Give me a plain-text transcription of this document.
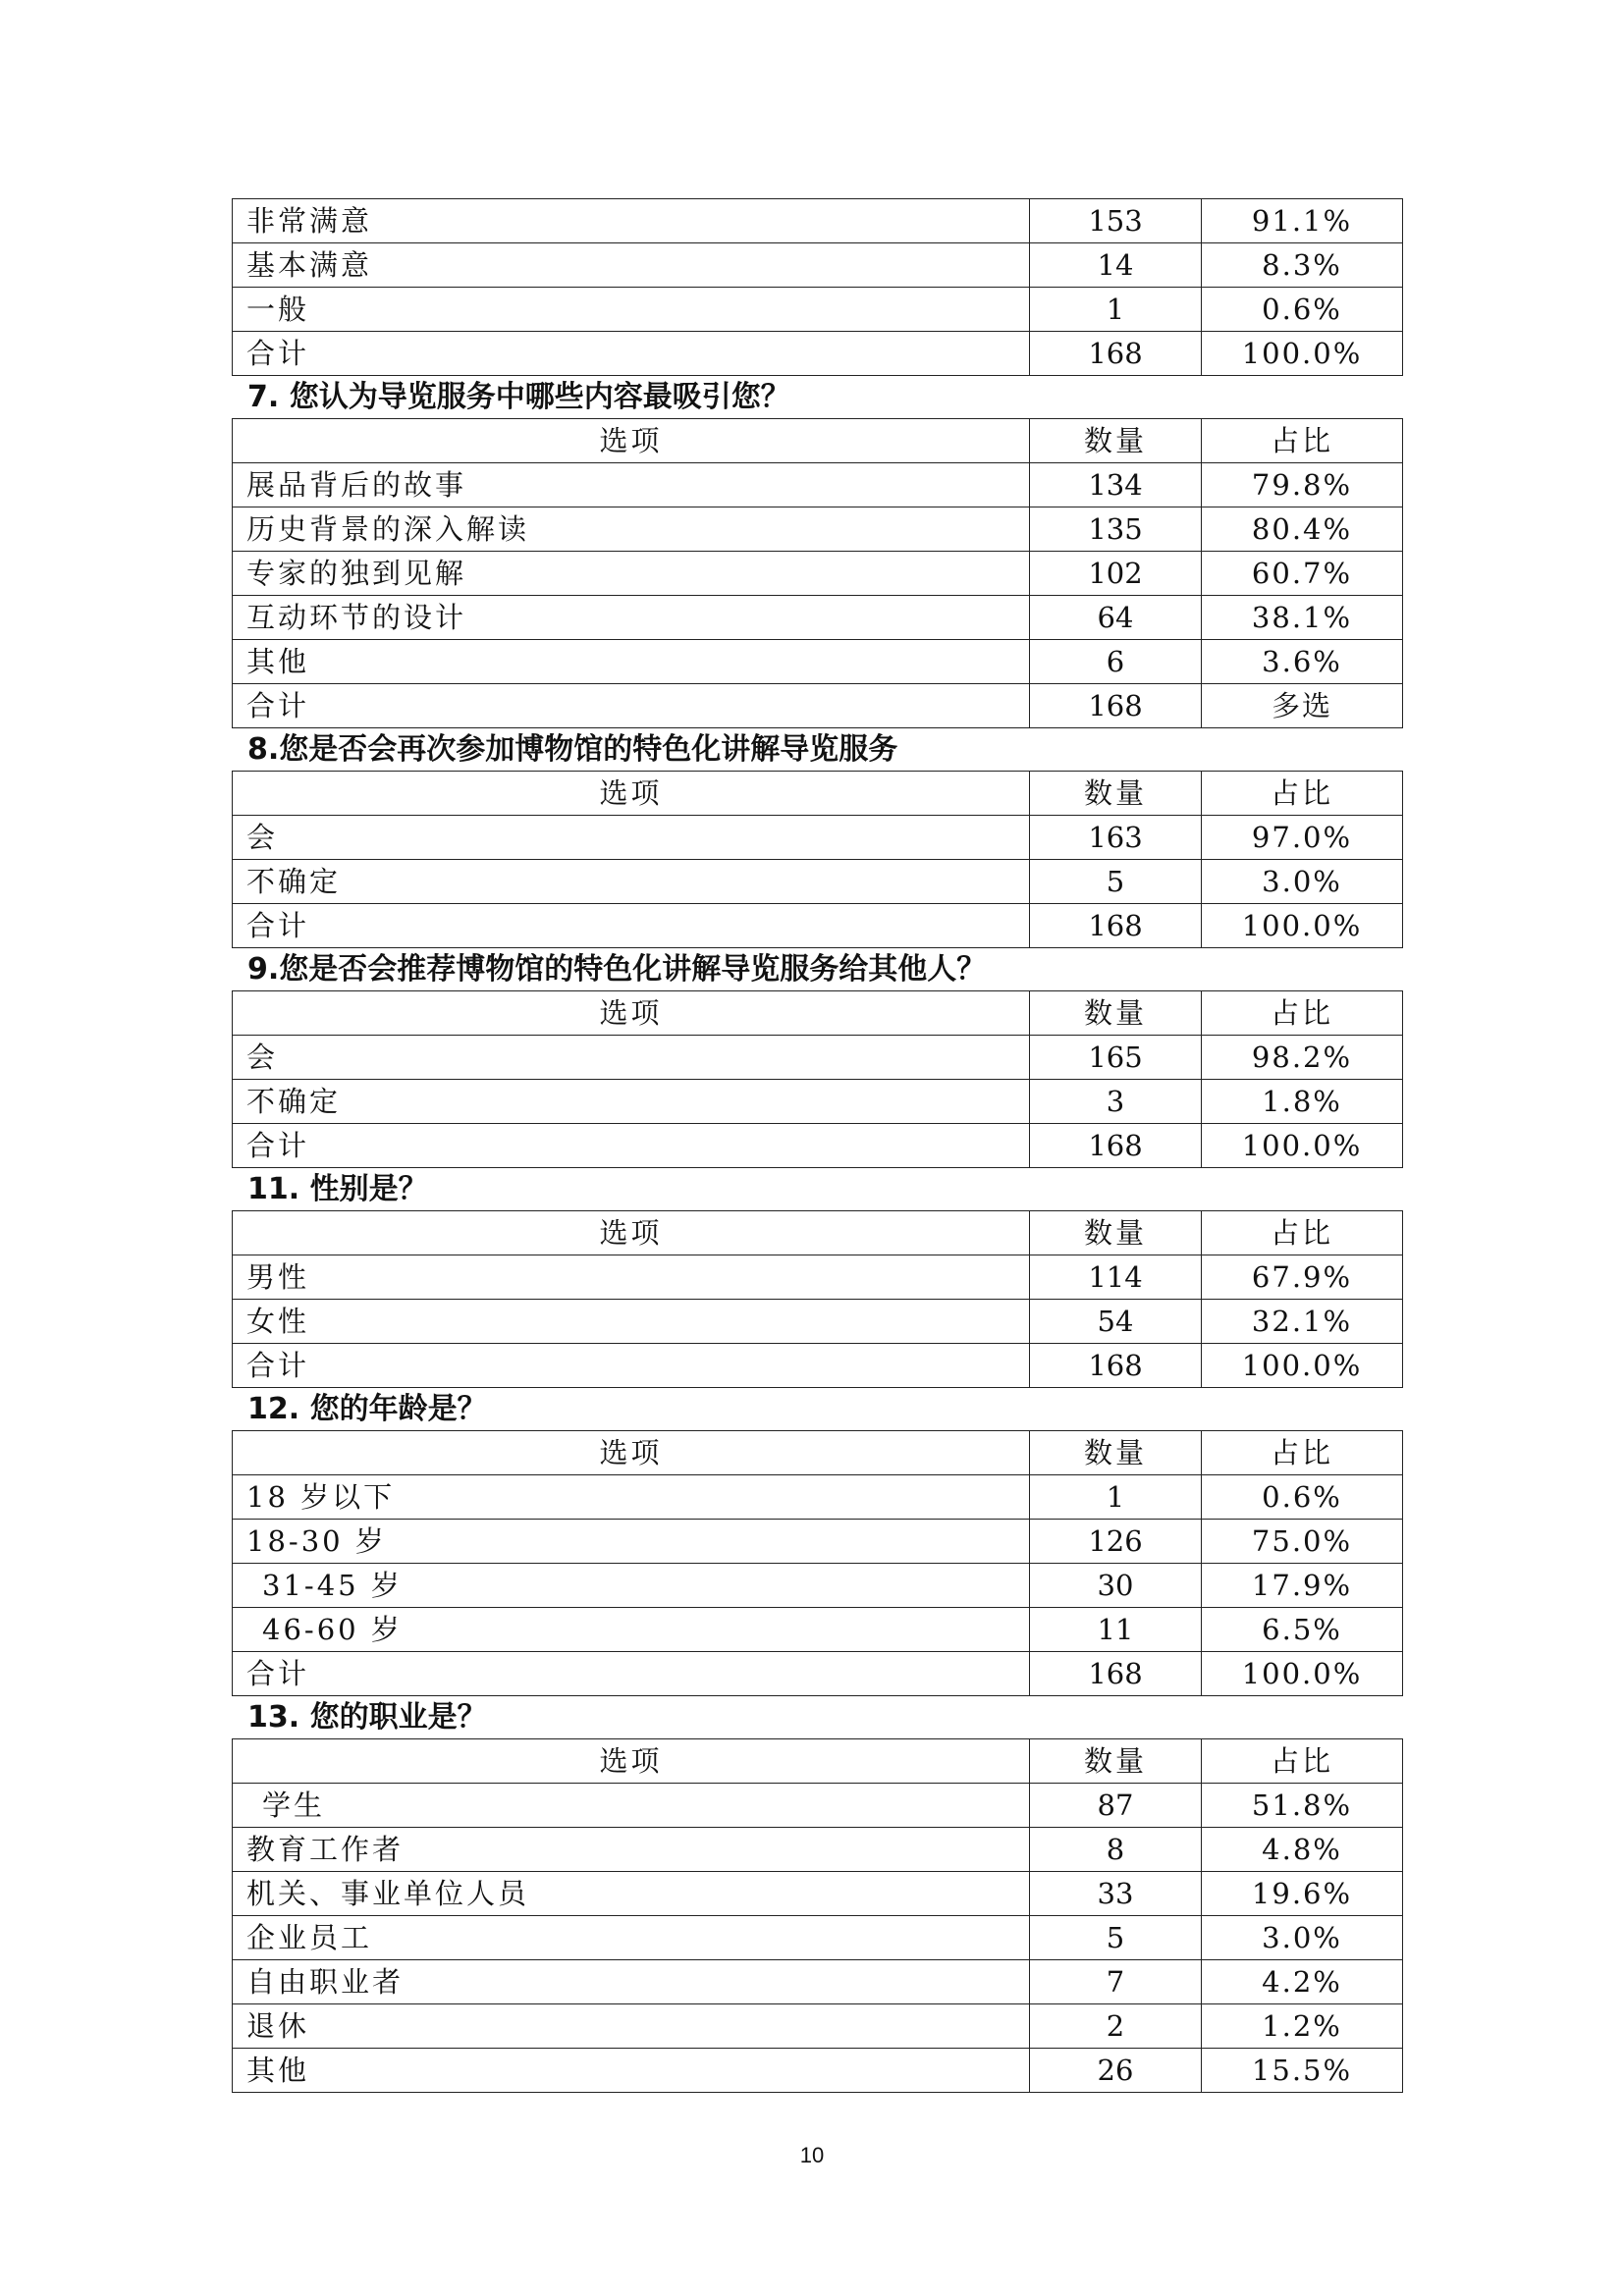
非常满意	153	91.1%
基本满意	14	8.3%
一般	1	0.6%
合计	168	100.0%
7. 您认为导览服务中哪些内容最吸引您？
选项	数量	占比
展品背后的故事	134	79.8%
历史背景的深入解读	135	80.4%
专家的独到见解	102	60.7%
互动环节的设计	64	38.1%
其他	6	3.6%
合计	168	多选
8.您是否会再次参加博物馆的特色化讲解导览服务
选项	数量	占比
会	163	97.0%
不确定	5	3.0%
合计	168	100.0%
9.您是否会推荐博物馆的特色化讲解导览服务给其他人？
选项	数量	占比
会	165	98.2%
不确定	3	1.8%
合计	168	100.0%
11. 性别是？
选项	数量	占比
男性	114	67.9%
女性	54	32.1%
合计	168	100.0%
12. 您的年龄是？
选项	数量	占比
18 岁以下	1	0.6%
18-30 岁	126	75.0%
31-45 岁	30	17.9%
46-60 岁	11	6.5%
合计	168	100.0%
13. 您的职业是？
选项	数量	占比
学生	87	51.8%
教育工作者	8	4.8%
机关、事业单位人员	33	19.6%
企业员工	5	3.0%
自由职业者	7	4.2%
退休	2	1.2%
其他	26	15.5%
10
